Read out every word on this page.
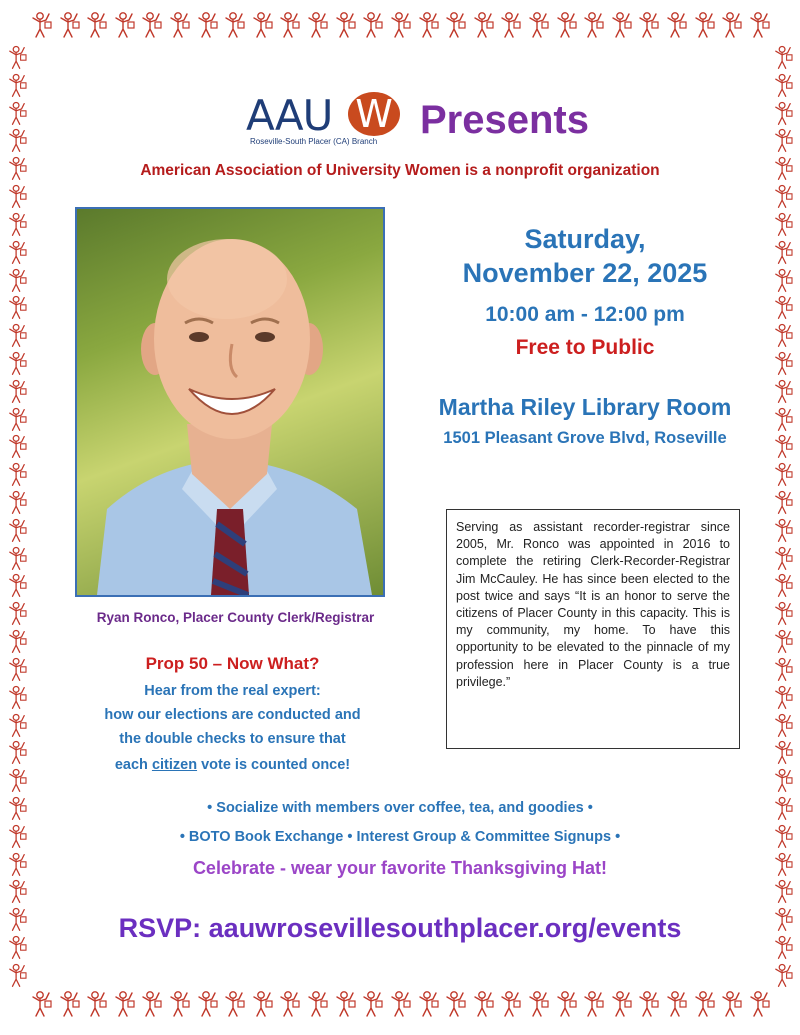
AAU W
Roseville-South Placer (CA) Branch Presents
American Association of University Women is a nonprofit organization
Ryan Ronco, Placer County Clerk/Registrar
Saturday,
November 22, 2025
10:00 am - 12:00 pm
Free to Public
Martha Riley Library Room
1501 Pleasant Grove Blvd, Roseville
Serving as assistant recorder-registrar since 2005, Mr. Ronco was appointed in 2016 to complete the retiring Clerk-Recorder-Registrar Jim McCauley. He has since been elected to the post twice and says “It is an honor to serve the citizens of Placer County in this capacity. This is my community, my home. To have this opportunity to be elevated to the pinnacle of my profession here in Placer County is a true privilege.”
Prop 50 – Now What?
Hear from the real expert:
how our elections are conducted and
the double checks to ensure that
each citizen vote is counted once!
• Socialize with members over coffee, tea, and goodies •
• BOTO Book Exchange • Interest Group & Committee Signups •
Celebrate - wear your favorite Thanksgiving Hat!
RSVP: aauwrosevillesouthplacer.org/events
